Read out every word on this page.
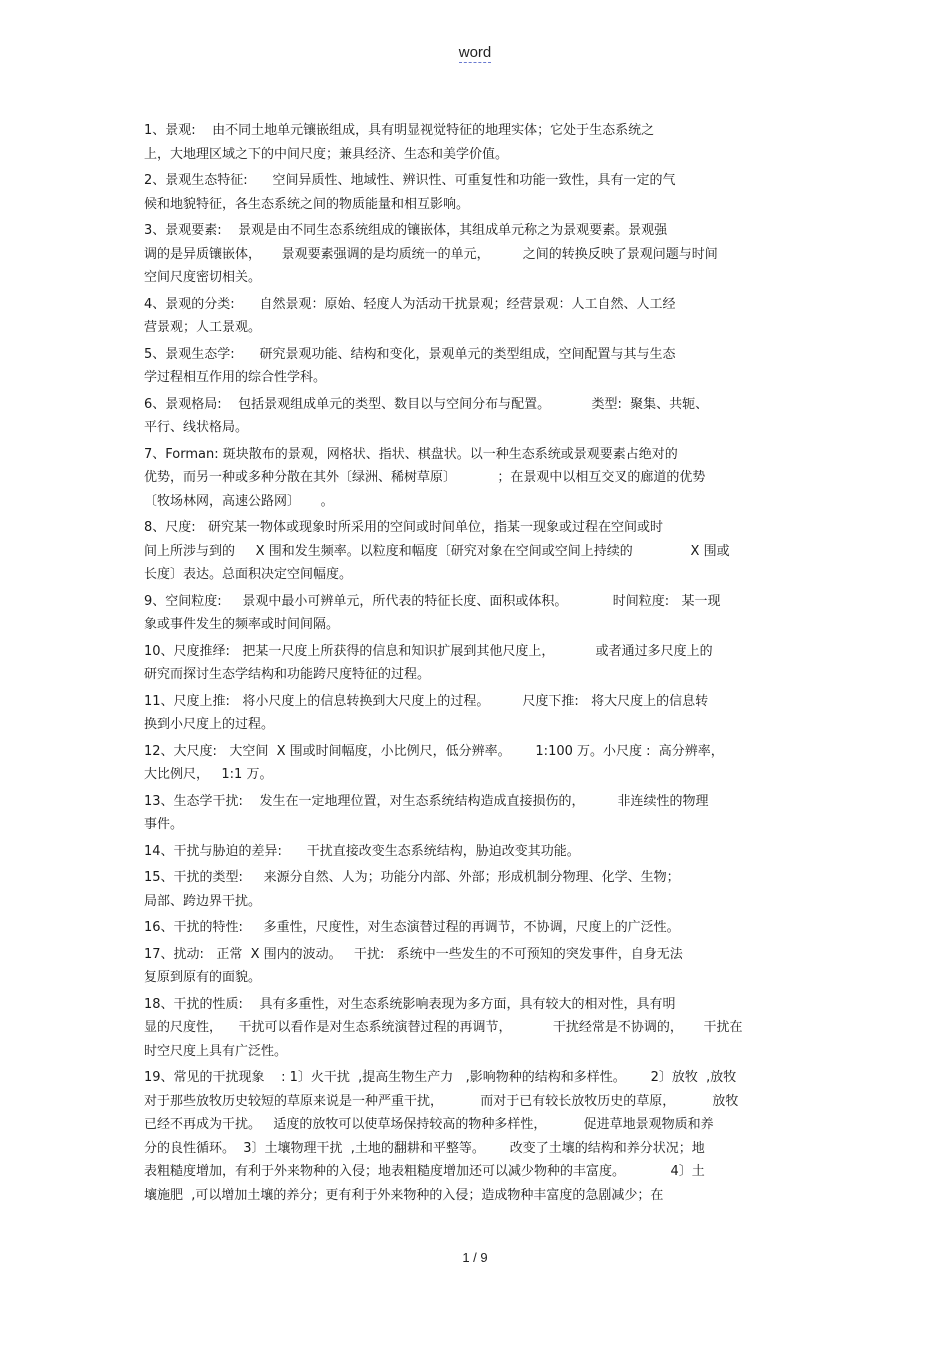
word
1、景观:    由不同土地单元镶嵌组成，具有明显视觉特征的地理实体；它处于生态系统之
上，大地理区域之下的中间尺度；兼具经济、生态和美学价值。
2、景观生态特征:      空间异质性、地域性、辨识性、可重复性和功能一致性，具有一定的气
候和地貌特征，各生态系统之间的物质能量和相互影响。
3、景观要素:    景观是由不同生态系统组成的镶嵌体，其组成单元称之为景观要素。景观强
调的是异质镶嵌体，     景观要素强调的是均质统一的单元，        之间的转换反映了景观问题与时间
空间尺度密切相关。
4、景观的分类:      自然景观：原始、轻度人为活动干扰景观；经营景观：人工自然、人工经
营景观；人工景观。
5、景观生态学:      研究景观功能、结构和变化，景观单元的类型组成，空间配置与其与生态
学过程相互作用的综合性学科。
6、景观格局:    包括景观组成单元的类型、数目以与空间分布与配置。          类型:  聚集、共轭、
平行、线状格局。
7、Forman: 斑块散布的景观，网格状、指状、棋盘状。以一种生态系统或景观要素占绝对的
优势，而另一种或多种分散在其外〔绿洲、稀树草原〕          ；在景观中以相互交叉的廊道的优势
〔牧场林网，高速公路网〕     。
8、尺度:   研究某一物体或现象时所采用的空间或时间单位，指某一现象或过程在空间或时
间上所涉与到的     X 围和发生频率。以粒度和幅度〔研究对象在空间或空间上持续的              X 围或
长度〕表达。总面积决定空间幅度。
9、空间粒度:     景观中最小可辨单元，所代表的特征长度、面积或体积。           时间粒度:   某一现
象或事件发生的频率或时间间隔。
10、尺度推绎:   把某一尺度上所获得的信息和知识扩展到其他尺度上，          或者通过多尺度上的
研究而探讨生态学结构和功能跨尺度特征的过程。
11、尺度上推:   将小尺度上的信息转换到大尺度上的过程。        尺度下推:   将大尺度上的信息转
换到小尺度上的过程。
12、大尺度:   大空间  X 围或时间幅度，小比例尺，低分辨率。      1:100 万。小尺度 :  高分辨率，
大比例尺，   1:1 万。
13、生态学干扰:    发生在一定地理位置，对生态系统结构造成直接损伤的，        非连续性的物理
事件。
14、干扰与胁迫的差异:      干扰直接改变生态系统结构，胁迫改变其功能。
15、干扰的类型:     来源分自然、人为；功能分内部、外部；形成机制分物理、化学、生物；
局部、跨边界干扰。
16、干扰的特性:     多重性，尺度性，对生态演替过程的再调节，不协调，尺度上的广泛性。
17、扰动:   正常  X 围内的波动。   干扰:   系统中一些发生的不可预知的突发事件，自身无法
复原到原有的面貌。
18、干扰的性质:    具有多重性，对生态系统影响表现为多方面，具有较大的相对性，具有明
显的尺度性，    干扰可以看作是对生态系统演替过程的再调节，          干扰经常是不协调的，     干扰在
时空尺度上具有广泛性。
19、常见的干扰现象    : 1〕火干扰  ,提高生物生产力   ,影响物种的结构和多样性。      2〕放牧  ,放牧
对于那些放牧历史较短的草原来说是一种严重干扰，         而对于已有较长放牧历史的草原，         放牧
已经不再成为干扰。   适度的放牧可以使草场保持较高的物种多样性，         促进草地景观物质和养
分的良性循环。  3〕土壤物理干扰  ,土地的翻耕和平整等。      改变了土壤的结构和养分状况；地
表粗糙度增加，有利于外来物种的入侵；地表粗糙度增加还可以减少物种的丰富度。           4〕土
壤施肥  ,可以增加土壤的养分；更有利于外来物种的入侵；造成物种丰富度的急剧减少；在
1 / 9
